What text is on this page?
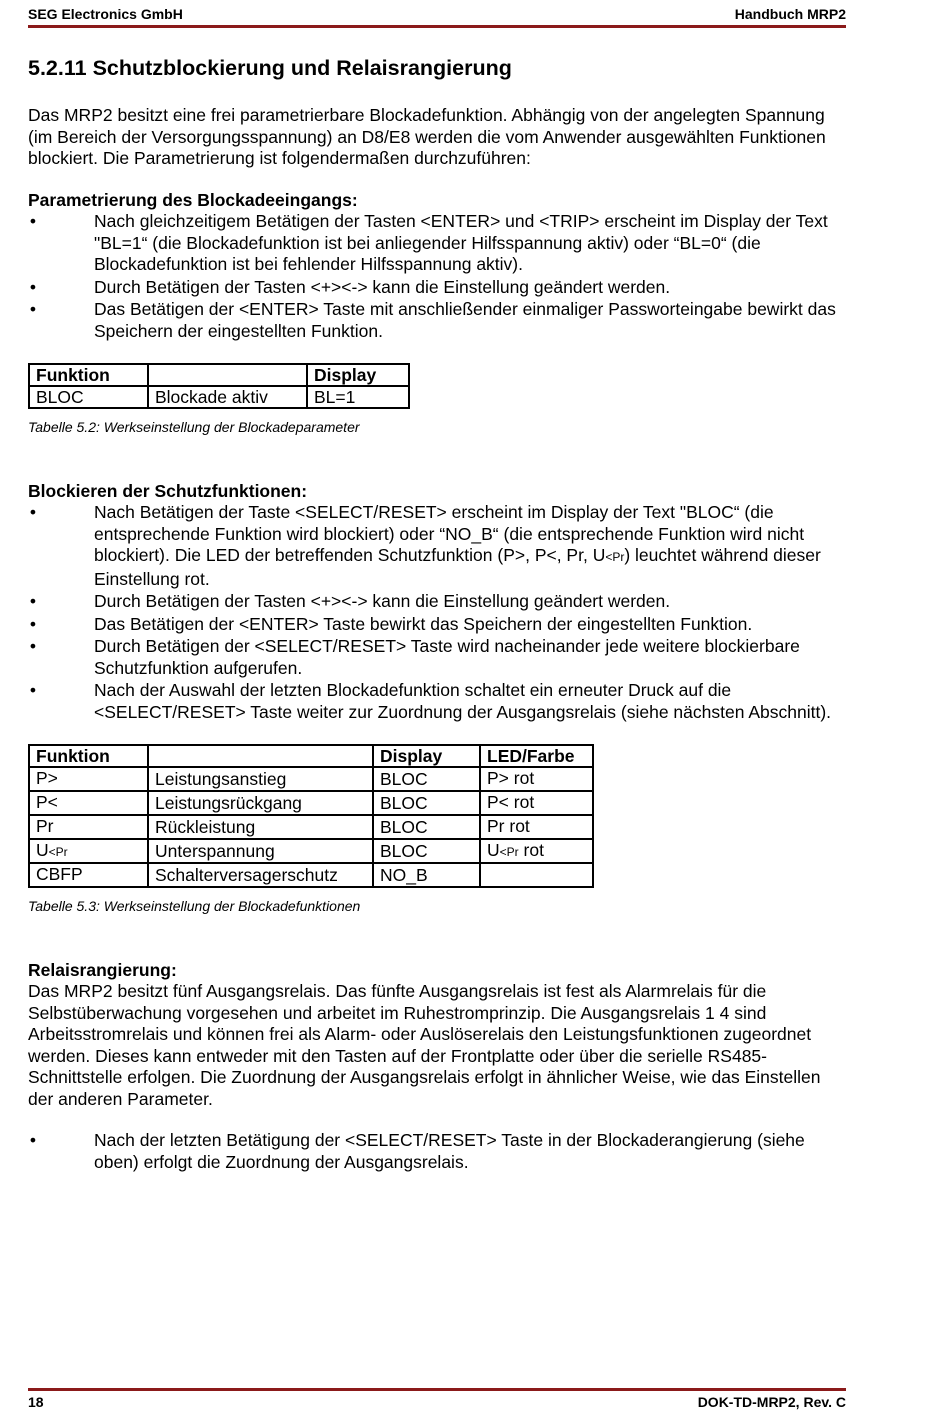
SEG Electronics GmbH	Handbuch MRP2
5.2.11 Schutzblockierung und Relaisrangierung

Das MRP2 besitzt eine frei parametrierbare Blockadefunktion. Abhängig von der angelegten Spannung (im Bereich der Versorgungsspannung) an D8/E8 werden die vom Anwender ausgewählten Funktionen blockiert. Die Parametrierung ist folgendermaßen durchzuführen:

Parametrierung des Blockadeeingangs:

•	Nach gleichzeitigem Betätigen der Tasten <ENTER> und <TRIP> erscheint im Display der Text "BL=1“ (die Blockadefunktion ist bei anliegender Hilfsspannung aktiv) oder “BL=0“ (die Blockadefunktion ist bei fehlender Hilfsspannung aktiv).
•	Durch Betätigen der Tasten <+><-> kann die Einstellung geändert werden.
•	Das Betätigen der <ENTER> Taste mit anschließender einmaliger Passworteingabe bewirkt das Speichern der eingestellten Funktion.
Funktion		Display
BLOC	Blockade aktiv	BL=1
Tabelle 5.2: Werkseinstellung der Blockadeparameter

Blockieren der Schutzfunktionen:

•	Nach Betätigen der Taste <SELECT/RESET> erscheint im Display der Text "BLOC“ (die entsprechende Funktion wird blockiert) oder “NO_B“ (die entsprechende Funktion wird nicht blockiert). Die LED der betreffenden Schutzfunktion (P>, P<, Pr, U<Pr) leuchtet während dieser Einstellung rot.
•	Durch Betätigen der Tasten <+><-> kann die Einstellung geändert werden.
•	Das Betätigen der <ENTER> Taste bewirkt das Speichern der eingestellten Funktion.
•	Durch Betätigen der <SELECT/RESET> Taste wird nacheinander jede weitere blockierbare Schutzfunktion aufgerufen.
•	Nach der Auswahl der letzten Blockadefunktion schaltet ein erneuter Druck auf die <SELECT/RESET> Taste weiter zur Zuordnung der Ausgangsrelais (siehe nächsten Abschnitt).
Funktion		Display	LED/Farbe
P>	Leistungsanstieg	BLOC	P> rot
P<	Leistungsrückgang	BLOC	P< rot
Pr	Rückleistung	BLOC	Pr rot
U<Pr	Unterspannung	BLOC	U<Pr rot
CBFP	Schalterversagerschutz	NO_B	
Tabelle 5.3: Werkseinstellung der Blockadefunktionen

Relaisrangierung:

Das MRP2 besitzt fünf Ausgangsrelais. Das fünfte Ausgangsrelais ist fest als Alarmrelais für die Selbstüberwachung vorgesehen und arbeitet im Ruhestromprinzip. Die Ausgangsrelais 1 4 sind Arbeitsstromrelais und können frei als Alarm- oder Auslöserelais den Leistungsfunktionen zugeordnet werden. Dieses kann entweder mit den Tasten auf der Frontplatte oder über die serielle RS485-Schnittstelle erfolgen. Die Zuordnung der Ausgangsrelais erfolgt in ähnlicher Weise, wie das Einstellen der anderen Parameter.

•	Nach der letzten Betätigung der <SELECT/RESET> Taste in der Blockaderangierung (siehe oben) erfolgt die Zuordnung der Ausgangsrelais.
18	DOK-TD-MRP2, Rev. C
